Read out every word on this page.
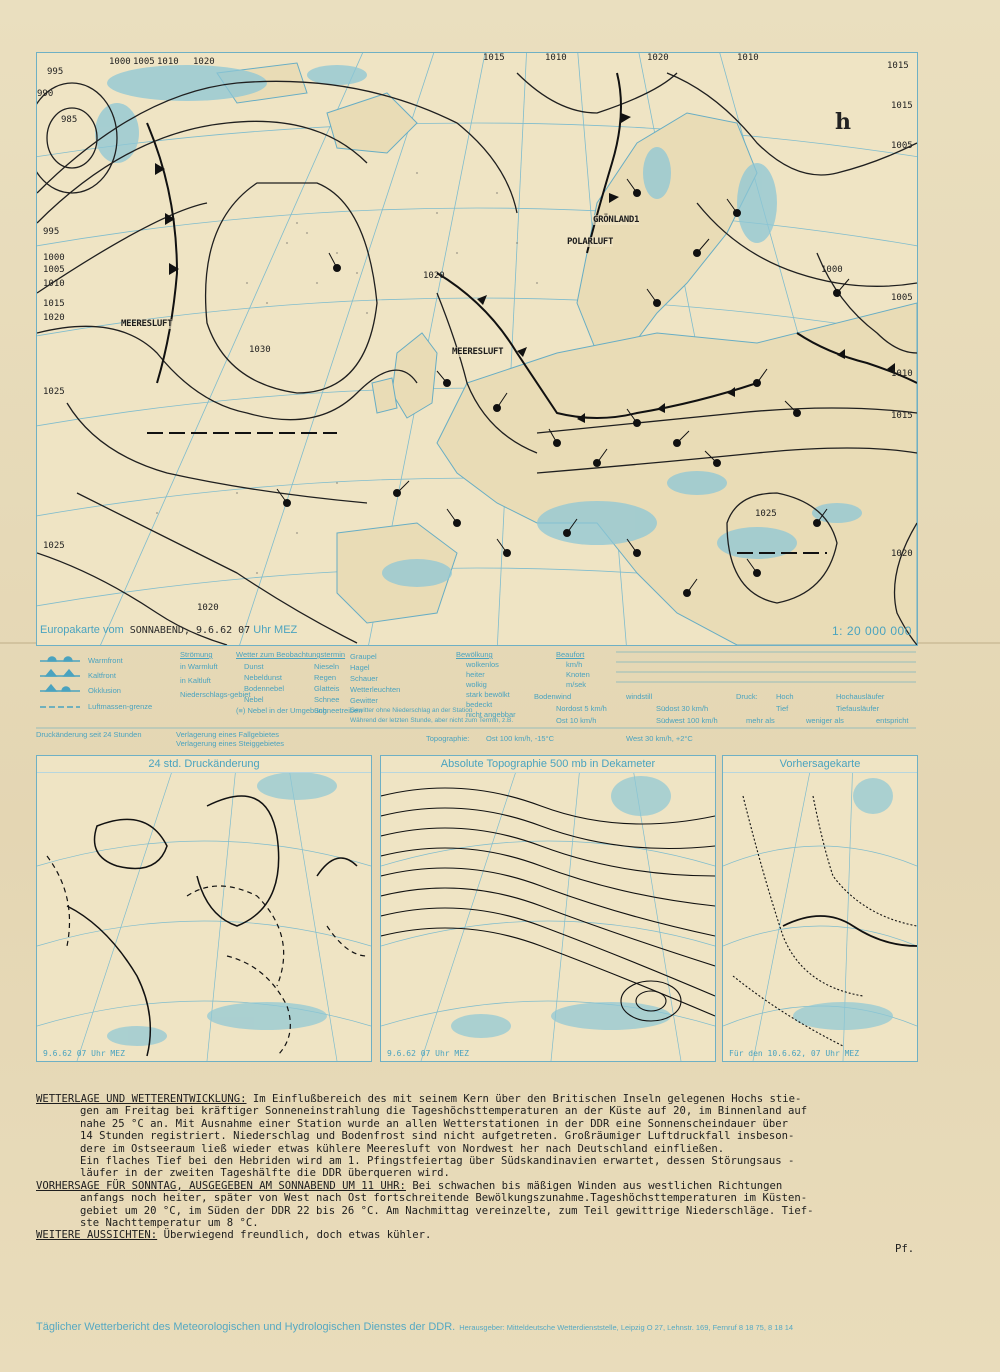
h
MEERESLUFT
MEERESLUFT
GRÖNLAND1
POLARLUFT
995
990
985
995
1000
1005
1010
1015
1020
1025
1025
1030
1000 1005 1010	1015
1020
1020
1010
1015
1020
1015
1010
1005
1000
1005
1010
1015
1020
1025
1020
Europakarte vom SONNABEND, 9.6.62 07 Uhr MEZ	1: 20 000 000
Warmfront
Kaltfront
Okklusion
Luftmassen-grenze
Strömung
in Warmluft
in Kaltluft
Niederschlags-gebiet
Wetter zum Beobachtungstermin
Dunst
Nebeldunst
Bodennebel
Nebel
(≡) Nebel in der Umgebung
Nieseln
Regen
Glatteis
Schnee
Schneetreiben
Graupel
Hagel
Schauer
Wetterleuchten
Gewitter
Gewitter ohne Niederschlag an der Station
Während der letzten Stunde, aber nicht zum Termin, z.B.
Bewölkung
wolkenlos
heiter
wolkig
stark bewölkt
bedeckt
nicht angebbar
Beaufort
km/h
Knoten
m/sek
Bodenwind	windstill
Nordost 5 km/h
Ost 10 km/h
Südost 30 km/h
Südwest 100 km/h
Druck: Hoch
Tief
Hochausläufer
Tiefausläufer
mehr als	weniger als	entspricht
Druckänderung seit 24 Stunden	Verlagerung eines Fallgebietes
Verlagerung eines Steiggebietes
Topographie: Ost 100 km/h, -15°C	West 30 km/h, +2°C
24 std. Druckänderung
9.6.62 07 Uhr MEZ
Absolute Topographie 500 mb in Dekameter
9.6.62 07 Uhr MEZ
Vorhersagekarte
Für den 10.6.62, 07 Uhr MEZ

WETTERLAGE UND WETTERENTWICKLUNG: Im Einflußbereich des mit seinem Kern über den Britischen Inseln gelegenen Hochs stie-

gen am Freitag bei kräftiger Sonneneinstrahlung die Tageshöchsttemperaturen an der Küste auf 20, im Binnenland auf

nahe 25 °C an. Mit Ausnahme einer Station wurde an allen Wetterstationen in der DDR eine Sonnenscheindauer über

14 Stunden registriert. Niederschlag und Bodenfrost sind nicht aufgetreten. Großräumiger Luftdruckfall insbeson-

dere im Ostseeraum ließ wieder etwas kühlere Meeresluft von Nordwest her nach Deutschland einfließen.

Ein flaches Tief bei den Hebriden wird am 1. Pfingstfeiertag über Südskandinavien erwartet, dessen Störungsaus -

läufer in der zweiten Tageshälfte die DDR überqueren wird.

VORHERSAGE FÜR SONNTAG, AUSGEGEBEN AM SONNABEND UM 11 UHR: Bei schwachen bis mäßigen Winden aus westlichen Richtungen

anfangs noch heiter, später von West nach Ost fortschreitende Bewölkungszunahme.Tageshöchsttemperaturen im Küsten-

gebiet um 20 °C, im Süden der DDR 22 bis 26 °C. Am Nachmittag vereinzelte, zum Teil gewittrige Niederschläge. Tief-

ste Nachttemperatur um 8 °C.

WEITERE AUSSICHTEN: Überwiegend freundlich, doch etwas kühler.

Pf.
Täglicher Wetterbericht des Meteorologischen und Hydrologischen Dienstes der DDR. Herausgeber: Mitteldeutsche Wetterdienststelle, Leipzig O 27, Lehnstr. 169, Fernruf 8 18 75, 8 18 14
